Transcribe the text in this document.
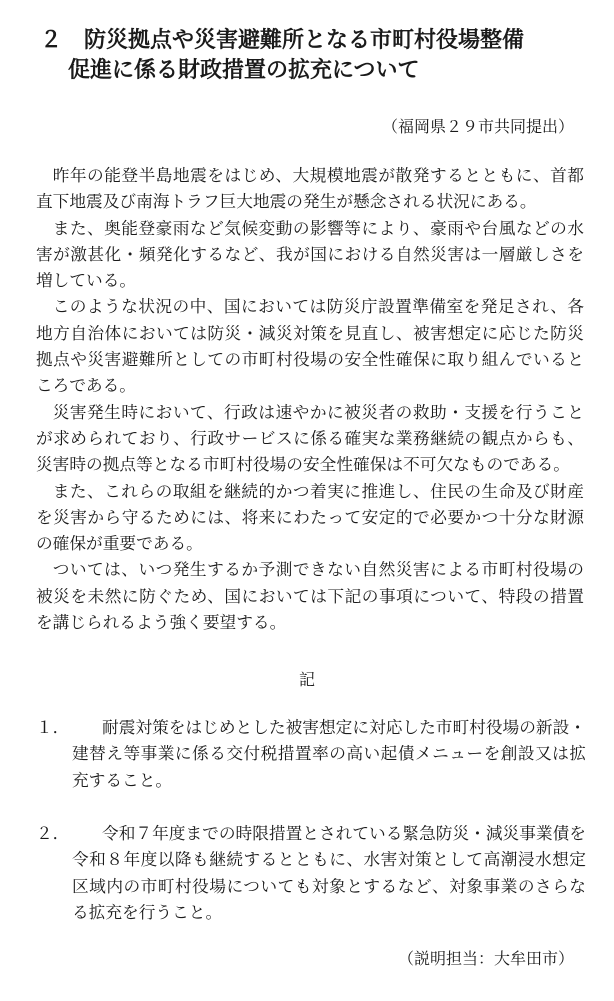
２ 防災拠点や災害避難所となる市町村役場整備
促進に係る財政措置の拡充について
（福岡県２９市共同提出）

昨年の能登半島地震をはじめ、大規模地震が散発するとともに、首都直下地震及び南海トラフ巨大地震の発生が懸念される状況にある。

また、奥能登豪雨など気候変動の影響等により、豪雨や台風などの水害が激甚化・頻発化するなど、我が国における自然災害は一層厳しさを増している。

このような状況の中、国においては防災庁設置準備室を発足され、各地方自治体においては防災・減災対策を見直し、被害想定に応じた防災拠点や災害避難所としての市町村役場の安全性確保に取り組んでいるところである。

災害発生時において、行政は速やかに被災者の救助・支援を行うことが求められており、行政サービスに係る確実な業務継続の観点からも、災害時の拠点等となる市町村役場の安全性確保は不可欠なものである。

また、これらの取組を継続的かつ着実に推進し、住民の生命及び財産を災害から守るためには、将来にわたって安定的で必要かつ十分な財源の確保が重要である。

ついては、いつ発生するか予測できない自然災害による市町村役場の被災を未然に防ぐため、国においては下記の事項について、特段の措置を講じられるよう強く要望する。

記
１．	耐震対策をはじめとした被害想定に対応した市町村役場の新設・建替え等事業に係る交付税措置率の高い起債メニューを創設又は拡充すること。
２．	令和７年度までの時限措置とされている緊急防災・減災事業債を令和８年度以降も継続するとともに、水害対策として高潮浸水想定区域内の市町村役場についても対象とするなど、対象事業のさらなる拡充を行うこと。
（説明担当：大牟田市）
